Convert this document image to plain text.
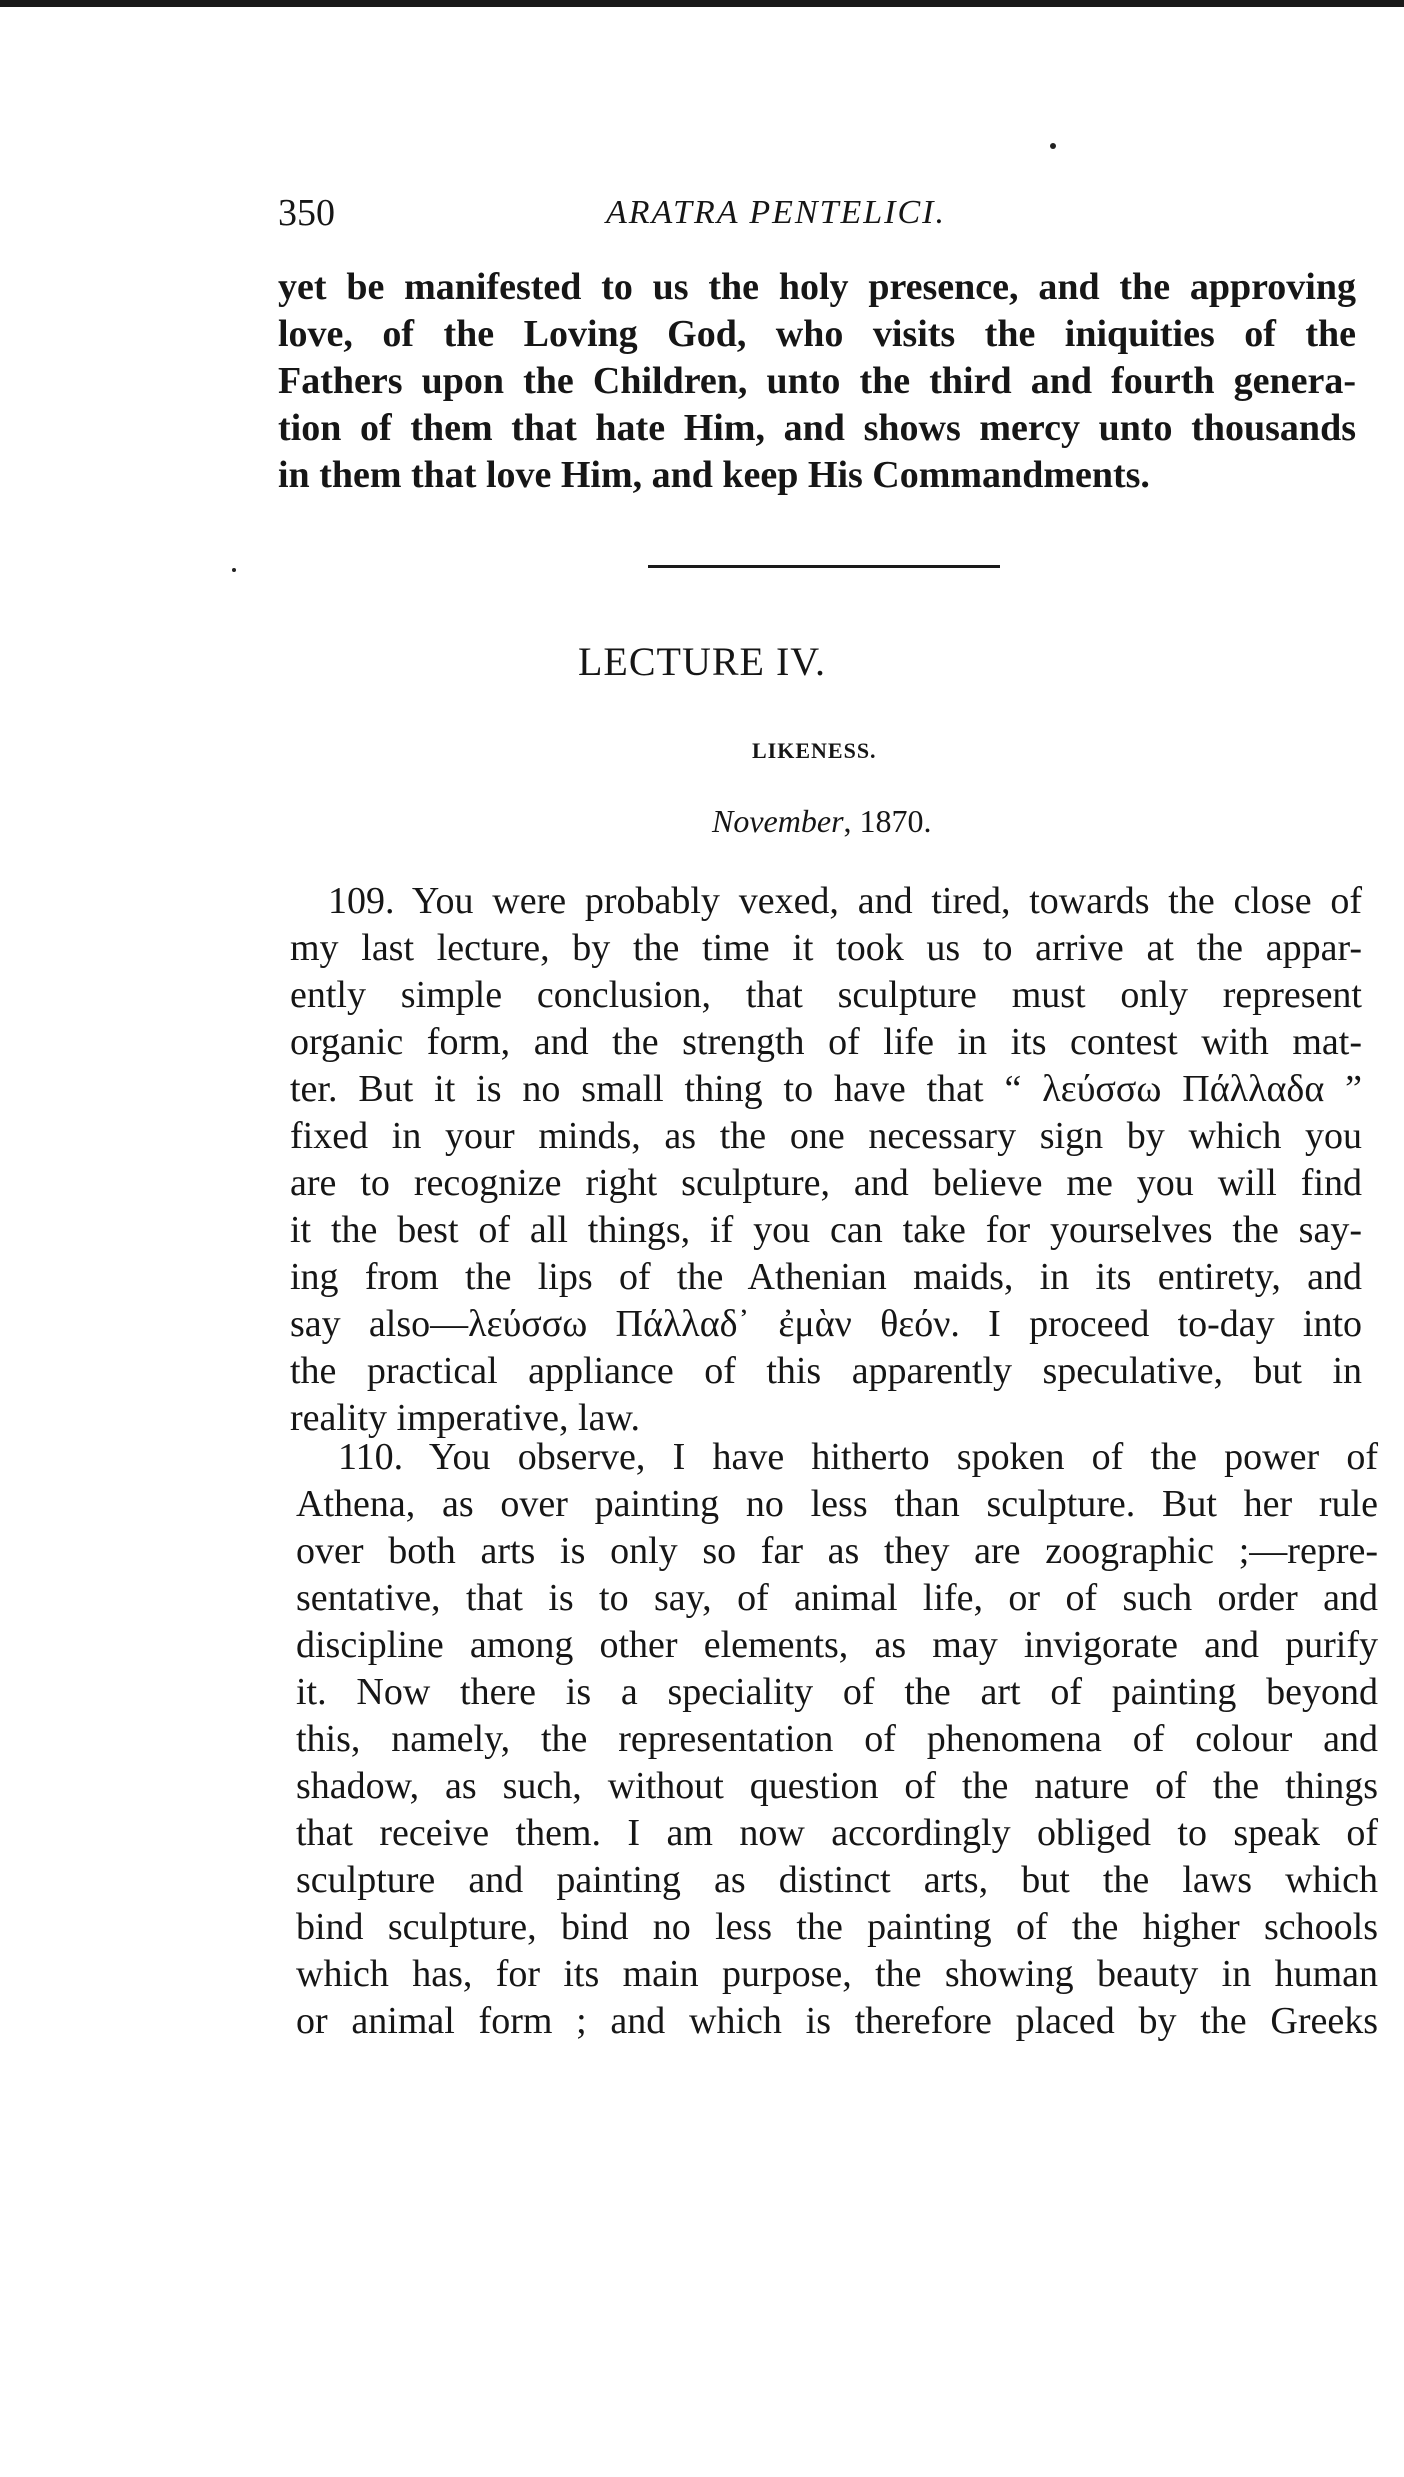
350	ARATRA PENTELICI.
yet be manifested to us the holy presence, and the approving
love, of the Loving God, who visits the iniquities of the
Fathers upon the Children, unto the third and fourth genera-
tion of them that hate Him, and shows mercy unto thousands
in them that love Him, and keep His Commandments.
LECTURE IV.
LIKENESS.
November, 1870.
109. You were probably vexed, and tired, towards the close of
my last lecture, by the time it took us to arrive at the appar-
ently simple conclusion, that sculpture must only represent
organic form, and the strength of life in its contest with mat-
ter. But it is no small thing to have that “ λεύσσω Πάλλαδα ”
fixed in your minds, as the one necessary sign by which you
are to recognize right sculpture, and believe me you will find
it the best of all things, if you can take for yourselves the say-
ing from the lips of the Athenian maids, in its entirety, and
say also—λεύσσω Πάλλαδ᾽ ἐμὰν θεόν. I proceed to-day into
the practical appliance of this apparently speculative, but in
reality imperative, law.
110. You observe, I have hitherto spoken of the power of
Athena, as over painting no less than sculpture. But her rule
over both arts is only so far as they are zoographic ;—repre-
sentative, that is to say, of animal life, or of such order and
discipline among other elements, as may invigorate and purify
it. Now there is a speciality of the art of painting beyond
this, namely, the representation of phenomena of colour and
shadow, as such, without question of the nature of the things
that receive them. I am now accordingly obliged to speak of
sculpture and painting as distinct arts, but the laws which
bind sculpture, bind no less the painting of the higher schools
which has, for its main purpose, the showing beauty in human
or animal form ; and which is therefore placed by the Greeks
